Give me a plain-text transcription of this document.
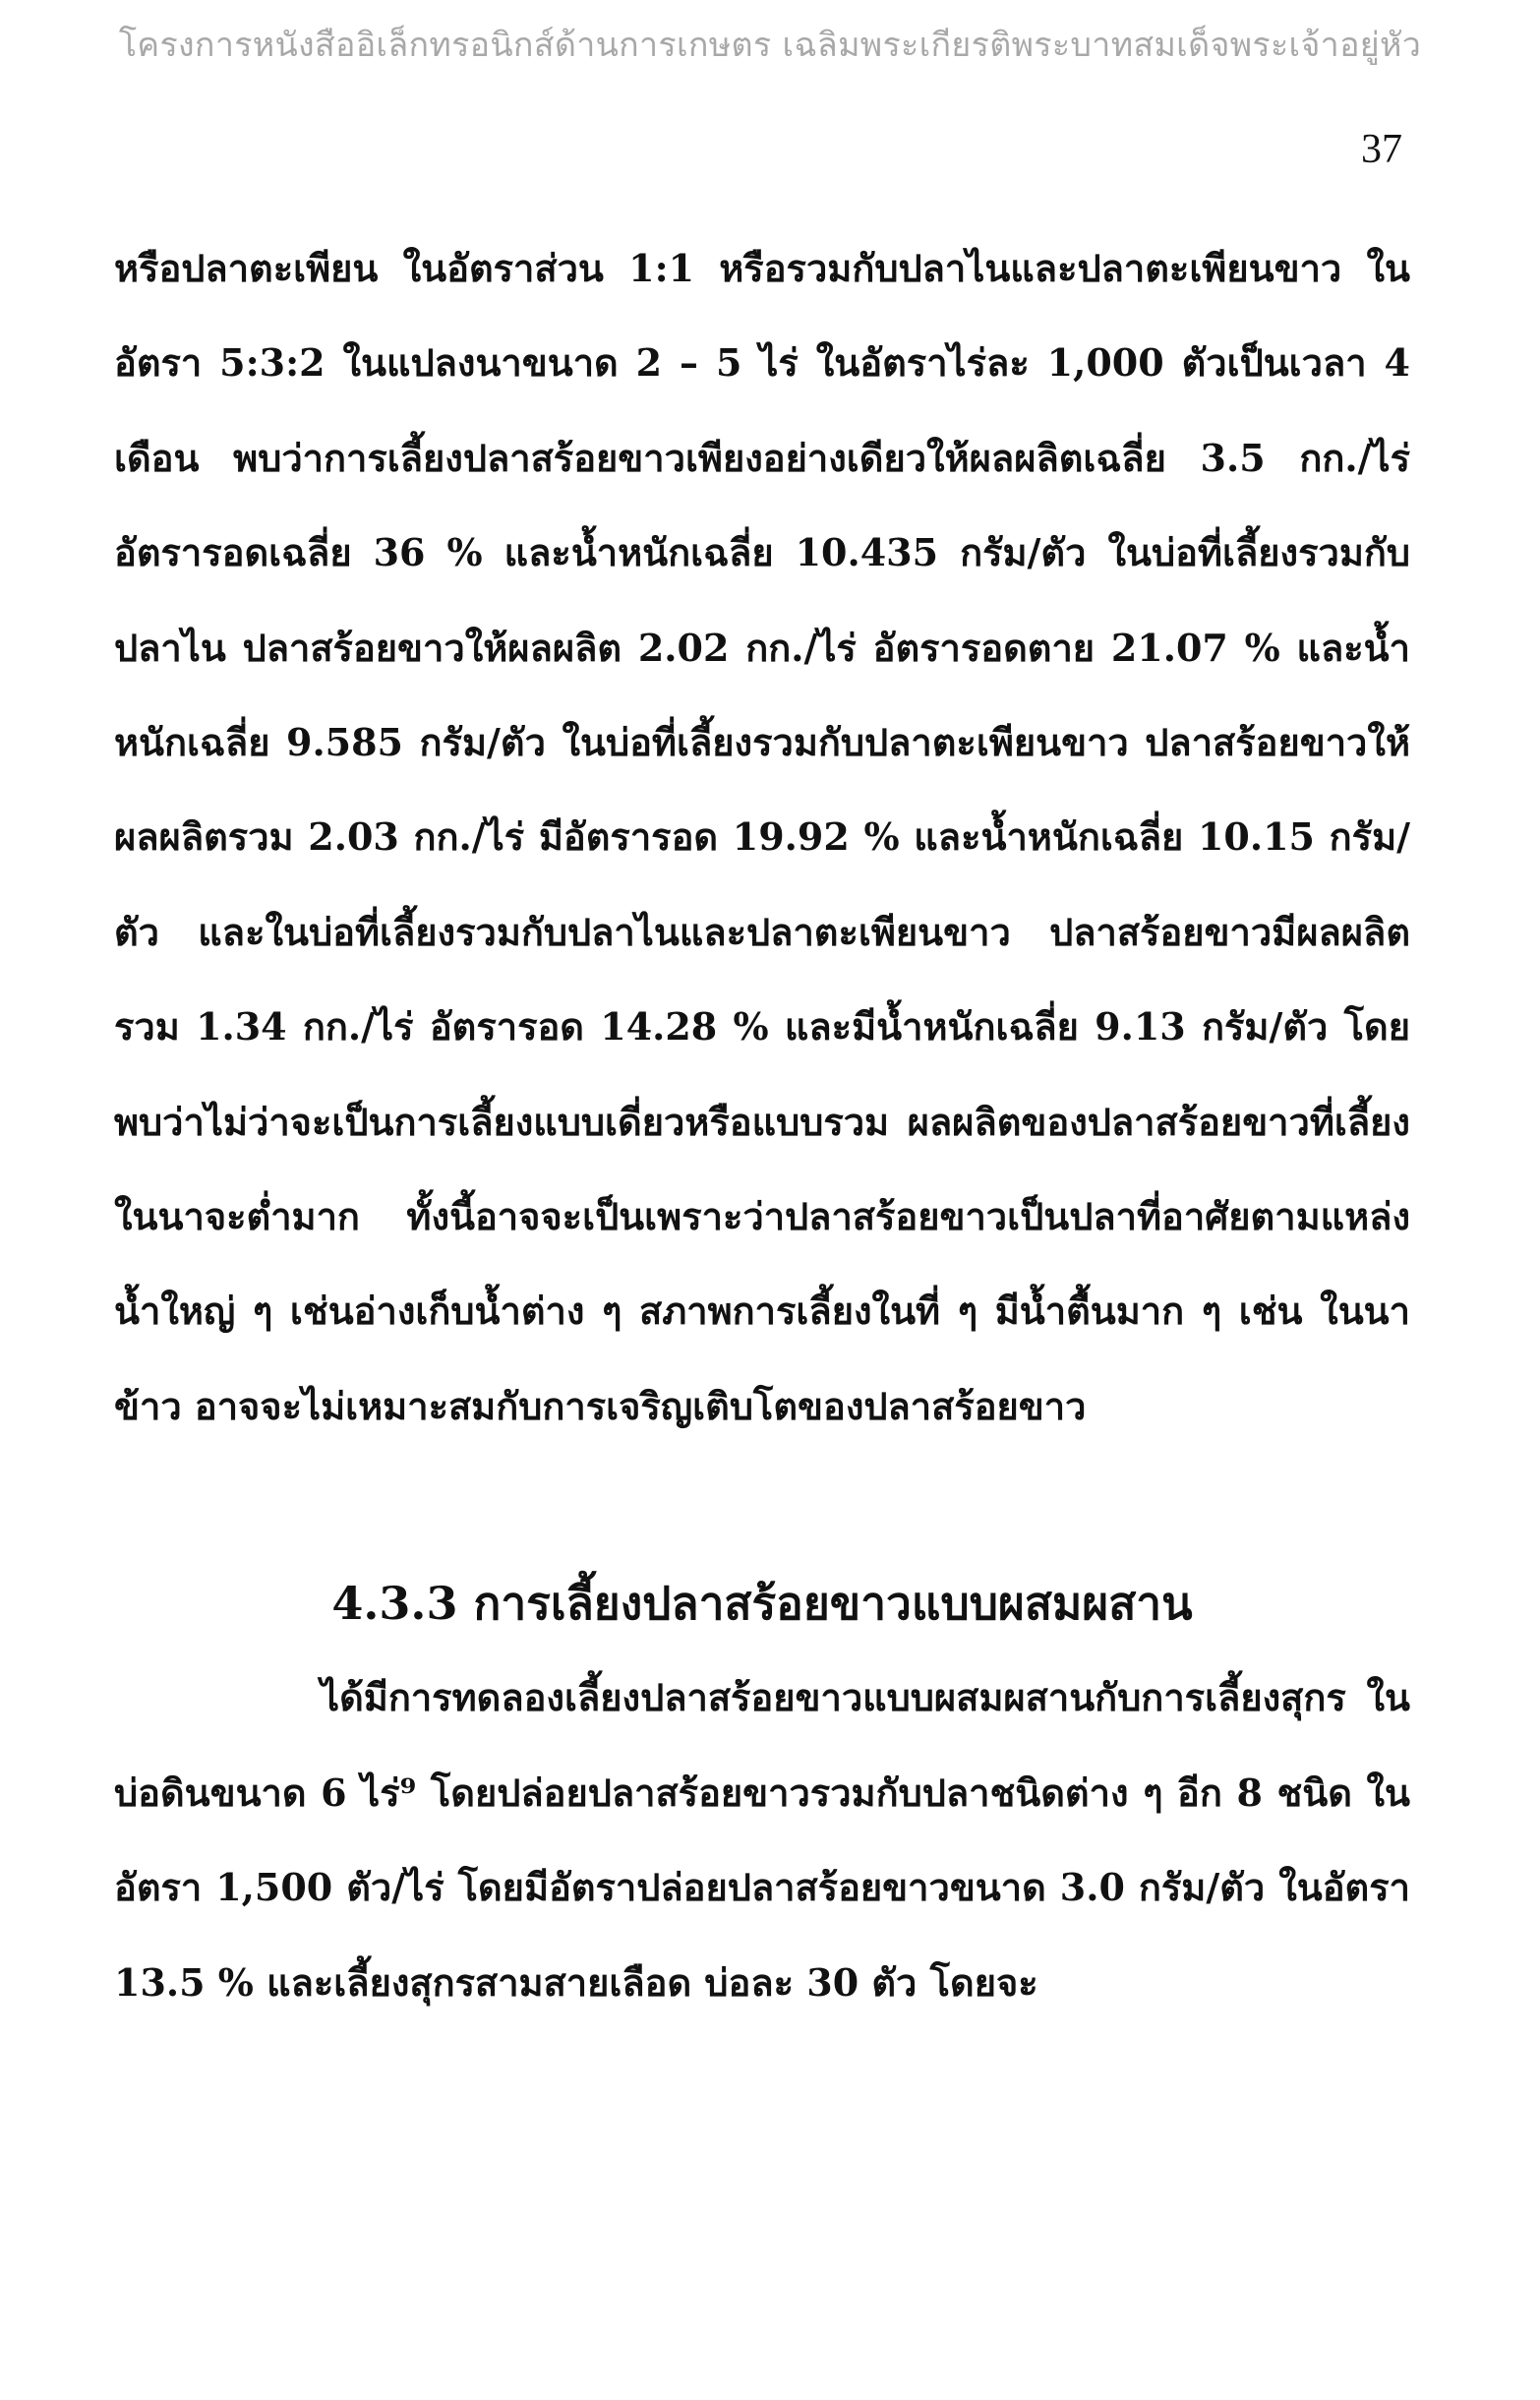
โครงการหนังสืออิเล็กทรอนิกส์ด้านการเกษตร เฉลิมพระเกียรติพระบาทสมเด็จพระเจ้าอยู่หัว
37

หรือปลาตะเพียน ในอัตราส่วน 1:1 หรือรวมกับปลาไนและปลาตะเพียนขาว ในอัตรา 5:3:2 ในแปลงนาขนาด 2 – 5 ไร่ ในอัตราไร่ละ 1,000 ตัวเป็นเวลา 4 เดือน พบว่าการเลี้ยงปลาสร้อยขาวเพียงอย่างเดียวให้ผลผลิตเฉลี่ย 3.5 กก./ไร่ อัตรารอดเฉลี่ย 36 % และน้ำหนักเฉลี่ย 10.435 กรัม/ตัว ในบ่อที่เลี้ยงรวมกับปลาไน ปลาสร้อยขาวให้ผลผลิต 2.02 กก./ไร่ อัตรารอดตาย 21.07 % และน้ำหนักเฉลี่ย 9.585 กรัม/ตัว ในบ่อที่เลี้ยงรวมกับปลาตะเพียนขาว ปลาสร้อยขาวให้ผลผลิตรวม 2.03 กก./ไร่ มีอัตรารอด 19.92 % และน้ำหนักเฉลี่ย 10.15 กรัม/ตัว และในบ่อที่เลี้ยงรวมกับปลาไนและปลาตะเพียนขาว ปลาสร้อยขาวมีผลผลิตรวม 1.34 กก./ไร่ อัตรารอด 14.28 % และมีน้ำหนักเฉลี่ย 9.13 กรัม/ตัว โดยพบว่าไม่ว่าจะเป็นการเลี้ยงแบบเดี่ยวหรือแบบรวม ผลผลิตของปลาสร้อยขาวที่เลี้ยงในนาจะต่ำมาก ทั้งนี้อาจจะเป็นเพราะว่าปลาสร้อยขาวเป็นปลาที่อาศัยตามแหล่งน้ำใหญ่ ๆ เช่นอ่างเก็บน้ำต่าง ๆ สภาพการเลี้ยงในที่ ๆ มีน้ำตื้นมาก ๆ เช่น ในนาข้าว อาจจะไม่เหมาะสมกับการเจริญเติบโตของปลาสร้อยขาว

4.3.3 การเลี้ยงปลาสร้อยขาวแบบผสมผสาน

ได้มีการทดลองเลี้ยงปลาสร้อยขาวแบบผสมผสานกับการเลี้ยงสุกร ในบ่อดินขนาด 6 ไร่⁹ โดยปล่อยปลาสร้อยขาวรวมกับปลาชนิดต่าง ๆ อีก 8 ชนิด ในอัตรา 1,500 ตัว/ไร่ โดยมีอัตราปล่อยปลาสร้อยขาวขนาด 3.0 กรัม/ตัว ในอัตรา 13.5 % และเลี้ยงสุกรสามสายเลือด บ่อละ 30 ตัว โดยจะ
